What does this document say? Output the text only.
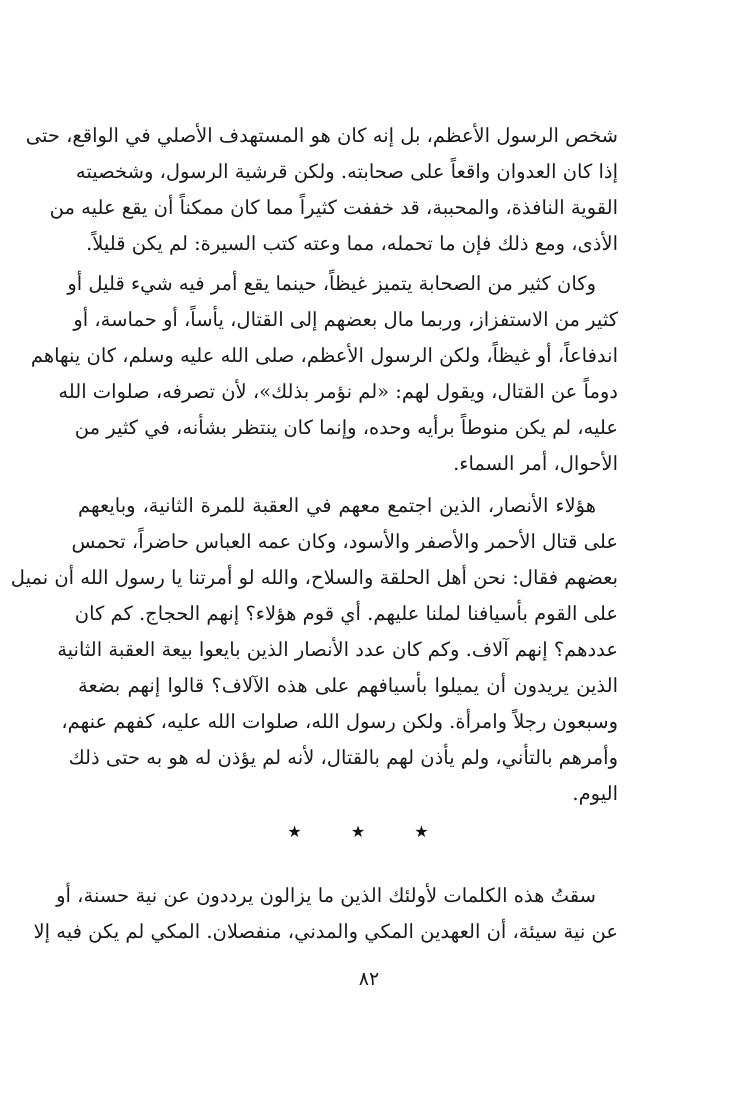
شخص الرسول الأعظم، بل إنه كان هو المستهدف الأصلي في الواقع، حتى
إذا كان العدوان واقعاً على صحابته. ولكن قرشية الرسول، وشخصيته
القوية النافذة، والمحببة، قد خففت كثيراً مما كان ممكناً أن يقع عليه من
الأذى، ومع ذلك فإن ما تحمله، مما وعته كتب السيرة: لم يكن قليلاً.
وكان كثير من الصحابة يتميز غيظاً، حينما يقع أمر فيه شيء قليل أو
كثير من الاستفزاز، وربما مال بعضهم إلى القتال، يأساً، أو حماسة، أو
اندفاعاً، أو غيظاً، ولكن الرسول الأعظم، صلى الله عليه وسلم، كان ينهاهم
دوماً عن القتال، ويقول لهم: «لم نؤمر بذلك»، لأن تصرفه، صلوات الله
عليه، لم يكن منوطاً برأيه وحده، وإنما كان ينتظر بشأنه، في كثير من
الأحوال، أمر السماء.
هؤلاء الأنصار، الذين اجتمع معهم في العقبة للمرة الثانية، وبايعهم
على قتال الأحمر والأصفر والأسود، وكان عمه العباس حاضراً، تحمس
بعضهم فقال: نحن أهل الحلقة والسلاح، والله لو أمرتنا يا رسول الله أن نميل
على القوم بأسيافنا لملنا عليهم. أي قوم هؤلاء؟ إنهم الحجاج. كم كان
عددهم؟ إنهم آلاف. وكم كان عدد الأنصار الذين بايعوا بيعة العقبة الثانية
الذين يريدون أن يميلوا بأسيافهم على هذه الآلاف؟ قالوا إنهم بضعة
وسبعون رجلاً وامرأة. ولكن رسول الله، صلوات الله عليه، كفهم عنهم،
وأمرهم بالتأني، ولم يأذن لهم بالقتال، لأنه لم يؤذن له هو به حتى ذلك
اليوم.
★ ★ ★
سقتُ هذه الكلمات لأولئك الذين ما يزالون يرددون عن نية حسنة، أو
عن نية سيئة، أن العهدين المكي والمدني، منفصلان. المكي لم يكن فيه إلا
٨٢
